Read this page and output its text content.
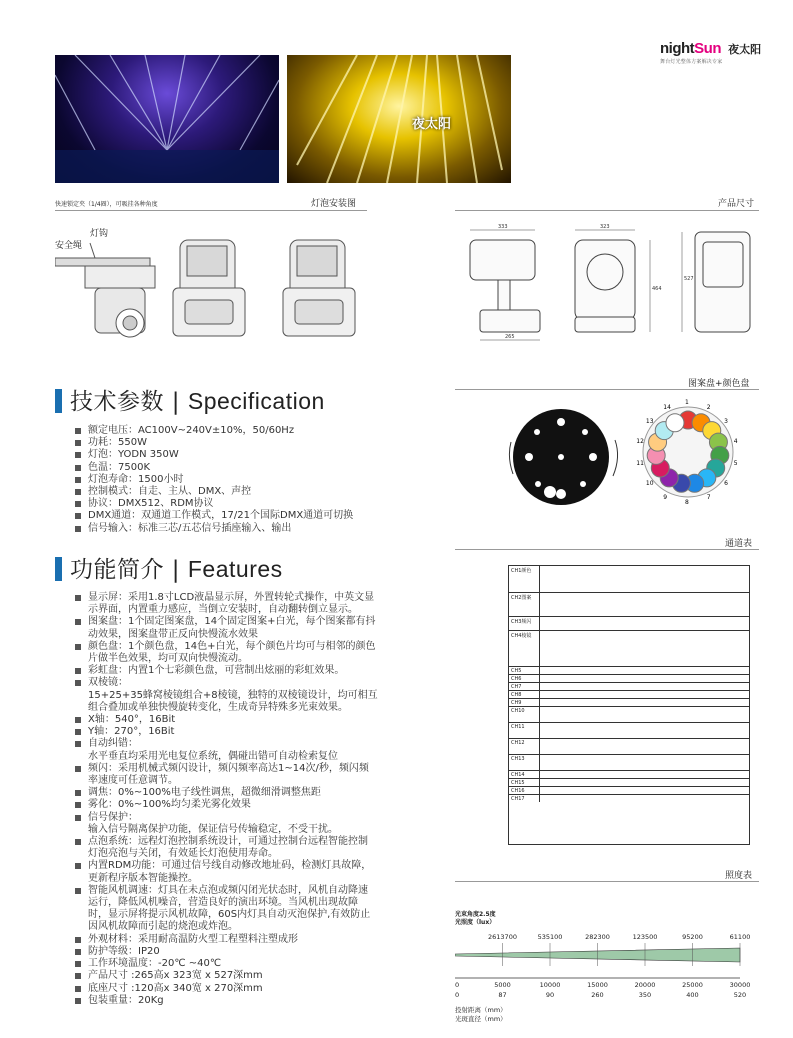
nightSun 夜太阳
舞台灯光整体方案解决专家
夜太阳
快速锁定夹（1/4圈），可吸挂各种角度	灯泡安装图
灯钩
安全绳
产品尺寸
333	323
265
464
527
图案盘+颜色盘
1
2
3
4
5
6
7
8
9
10
11
12
13
14
技术参数 | Specification
额定电压：AC100V~240V±10%，50/60Hz
功耗：550W
灯泡：YODN 350W
色温：7500K
灯泡寿命：1500小时
控制模式：自走、主从、DMX、声控
协议：DMX512、RDM协议
DMX通道：双通道工作模式，17/21个国际DMX通道可切换
信号输入：标准三芯/五芯信号插座输入、输出
功能简介 | Features
显示屏：采用1.8寸LCD液晶显示屏，外置转轮式操作，中英文显
示界面，内置重力感应，当倒立安装时，自动翻转倒立显示。
图案盘：1个固定图案盘，14个固定图案+白光，每个图案都有抖
动效果，图案盘带正反向快慢流水效果
颜色盘：1个颜色盘，14色+白光，每个颜色片均可与相邻的颜色
片做半色效果，均可双向快慢流动。
彩虹盘：内置1个七彩颜色盘，可营制出炫丽的彩虹效果。
双棱镜：
15+25+35蜂窝棱镜组合+8棱镜，独特的双棱镜设计，均可相互
组合叠加或单独快慢旋转变化，生成奇异特殊多光束效果。
X轴：540°，16Bit
Y轴：270°，16Bit
自动纠错：
水平垂直均采用光电复位系统，偶碰出错可自动检索复位
频闪：采用机械式频闪设计，频闪频率高达1~14次/秒，频闪频
率速度可任意调节。
调焦：0%~100%电子线性调焦，超微细滑调整焦距
雾化：0%~100%均匀柔光雾化效果
信号保护：
输入信号隔离保护功能，保证信号传输稳定，不受干扰。
点泡系统：远程灯泡控制系统设计，可通过控制台远程智能控制
灯泡亮泡与关闭，有效延长灯泡使用寿命。
内置RDM功能：可通过信号线自动修改地址码，检测灯具故障，
更新程序版本智能操控。
智能风机调速：灯具在未点泡或频闪闭光状态时，风机自动降速
运行，降低风机噪音，营造良好的演出环境。当风机出现故障
时，显示屏将提示风机故障，60S内灯具自动灭泡保护,有效防止
因风机故障而引起的烧泡或炸泡。
外观材料：采用耐高温防火型工程塑料注塑成形
防护等级：IP20
工作环境温度：-20℃ ~40℃
产品尺寸 :265高x 323宽 x 527深mm
底座尺寸 :120高x 340宽 x 270深mm
包装重量：20Kg
通道表
CH1颜色
CH2图案
CH3频闪
CH4棱镜
CH5
CH6
CH7
CH8
CH9
CH10
CH11
CH12
CH13
CH14
CH15
CH16
CH17
照度表
光束角度2.5度
光照度（lux）
2613700	535100	282300	123500	95200	61100
0	5000	10000	15000	20000	25000	30000
0	87	90	260	350	400	520
投射距离（mm）
光斑直径（mm）
